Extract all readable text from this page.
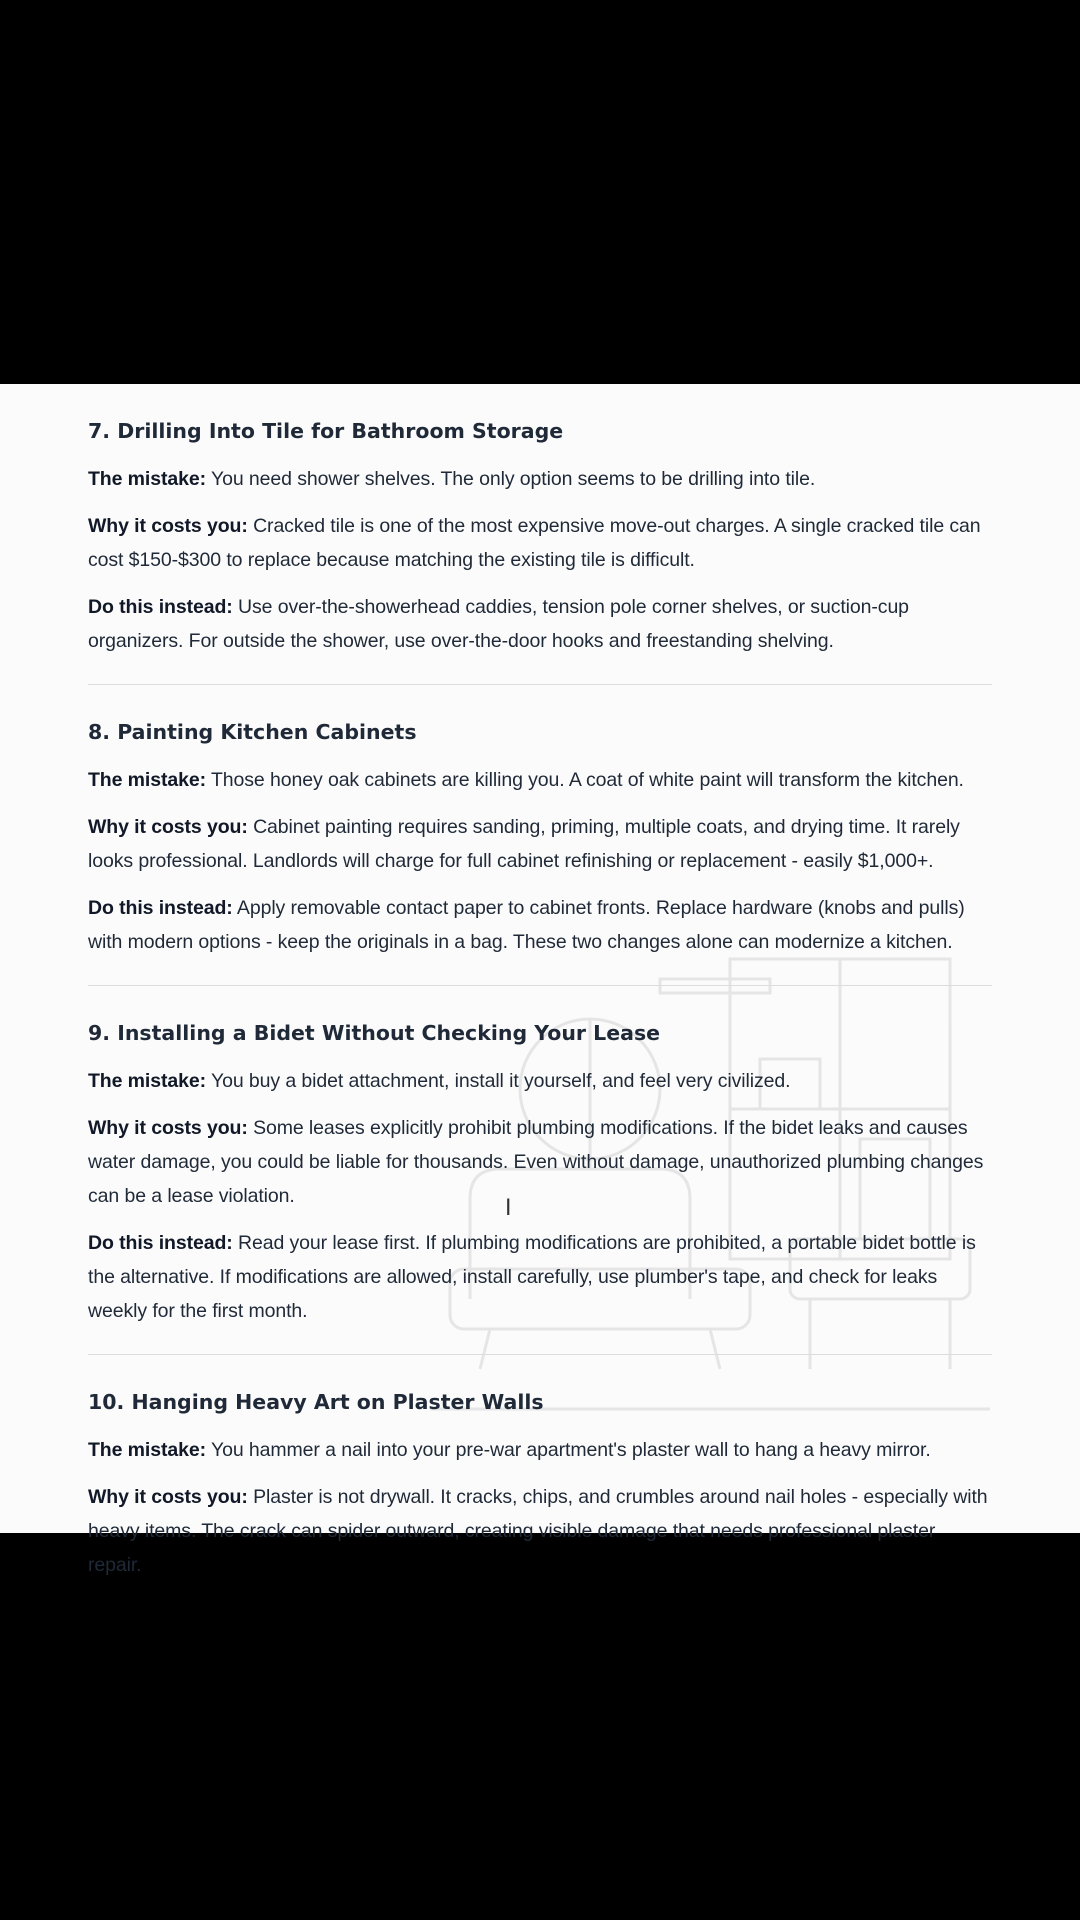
7. Drilling Into Tile for Bathroom Storage

The mistake: You need shower shelves. The only option seems to be drilling into tile.

Why it costs you: Cracked tile is one of the most expensive move-out charges. A single cracked tile can cost $150-$300 to replace because matching the existing tile is difficult.

Do this instead: Use over-the-showerhead caddies, tension pole corner shelves, or suction-cup organizers. For outside the shower, use over-the-door hooks and freestanding shelving.

8. Painting Kitchen Cabinets

The mistake: Those honey oak cabinets are killing you. A coat of white paint will transform the kitchen.

Why it costs you: Cabinet painting requires sanding, priming, multiple coats, and drying time. It rarely looks professional. Landlords will charge for full cabinet refinishing or replacement - easily $1,000+.

Do this instead: Apply removable contact paper to cabinet fronts. Replace hardware (knobs and pulls) with modern options - keep the originals in a bag. These two changes alone can modernize a kitchen.

9. Installing a Bidet Without Checking Your Lease

The mistake: You buy a bidet attachment, install it yourself, and feel very civilized.

Why it costs you: Some leases explicitly prohibit plumbing modifications. If the bidet leaks and causes water damage, you could be liable for thousands. Even without damage, unauthorized plumbing changes can be a lease violation.

Do this instead: Read your lease first. If plumbing modifications are prohibited, a portable bidet bottle is the alternative. If modifications are allowed, install carefully, use plumber's tape, and check for leaks weekly for the first month.

10. Hanging Heavy Art on Plaster Walls

The mistake: You hammer a nail into your pre-war apartment's plaster wall to hang a heavy mirror.

Why it costs you: Plaster is not drywall. It cracks, chips, and crumbles around nail holes - especially with heavy items. The crack can spider outward, creating visible damage that needs professional plaster repair.

I
